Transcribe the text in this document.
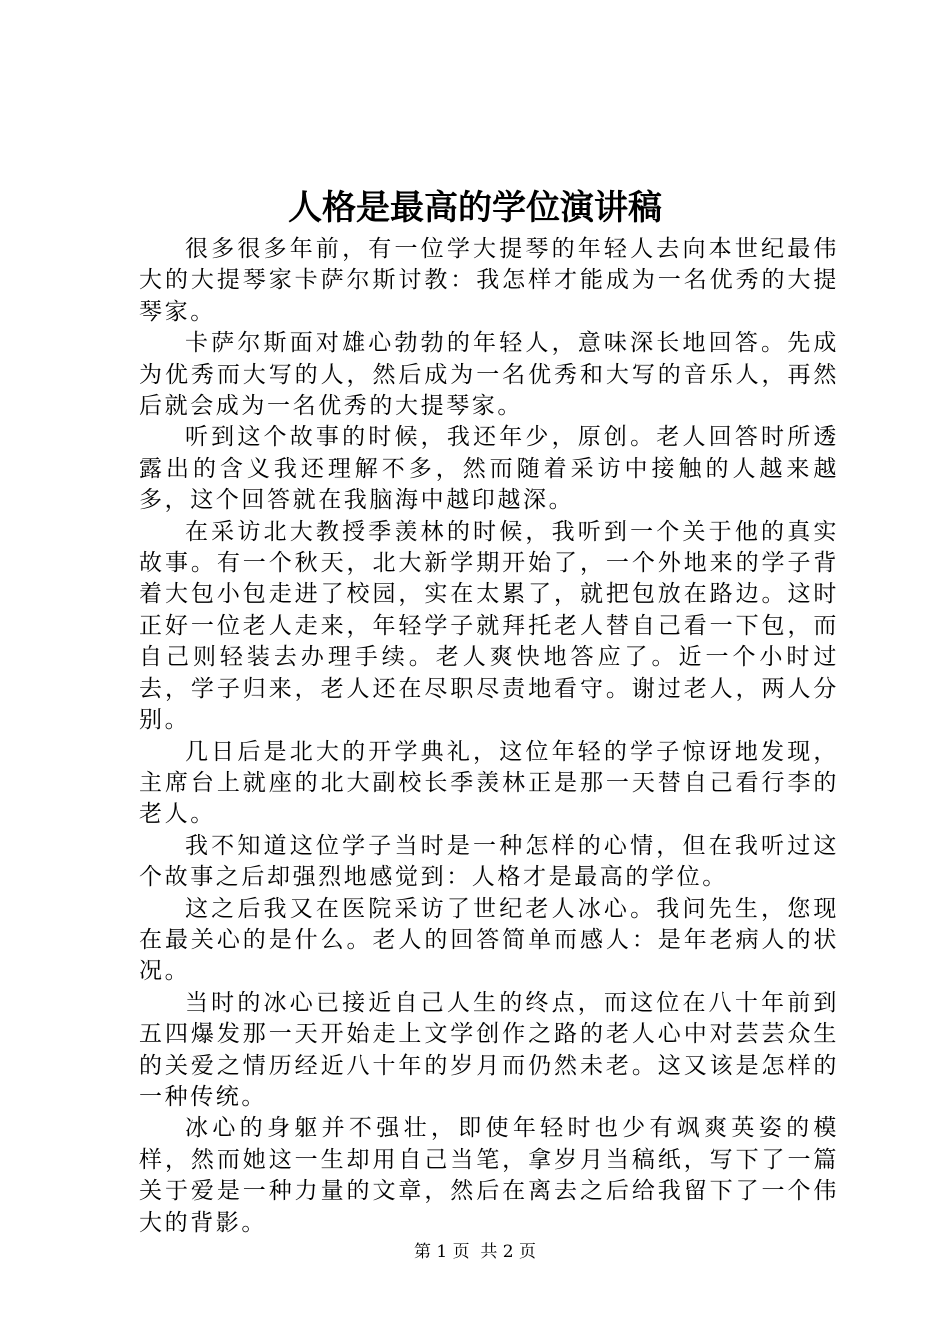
人格是最高的学位演讲稿

很多很多年前，有一位学大提琴的年轻人去向本世纪最伟大的大提琴家卡萨尔斯讨教：我怎样才能成为一名优秀的大提琴家。

卡萨尔斯面对雄心勃勃的年轻人，意味深长地回答。先成为优秀而大写的人，然后成为一名优秀和大写的音乐人，再然后就会成为一名优秀的大提琴家。

听到这个故事的时候，我还年少，原创。老人回答时所透露出的含义我还理解不多，然而随着采访中接触的人越来越多，这个回答就在我脑海中越印越深。

在采访北大教授季羡林的时候，我听到一个关于他的真实故事。有一个秋天，北大新学期开始了，一个外地来的学子背着大包小包走进了校园，实在太累了，就把包放在路边。这时正好一位老人走来，年轻学子就拜托老人替自己看一下包，而自己则轻装去办理手续。老人爽快地答应了。近一个小时过去，学子归来，老人还在尽职尽责地看守。谢过老人，两人分别。

几日后是北大的开学典礼，这位年轻的学子惊讶地发现，主席台上就座的北大副校长季羡林正是那一天替自己看行李的老人。

我不知道这位学子当时是一种怎样的心情，但在我听过这个故事之后却强烈地感觉到：人格才是最高的学位。

这之后我又在医院采访了世纪老人冰心。我问先生，您现在最关心的是什么。老人的回答简单而感人：是年老病人的状况。

当时的冰心已接近自己人生的终点，而这位在八十年前到五四爆发那一天开始走上文学创作之路的老人心中对芸芸众生的关爱之情历经近八十年的岁月而仍然未老。这又该是怎样的一种传统。

冰心的身躯并不强壮，即使年轻时也少有飒爽英姿的模样，然而她这一生却用自己当笔，拿岁月当稿纸，写下了一篇关于爱是一种力量的文章，然后在离去之后给我留下了一个伟大的背影。

第 1 页  共 2 页
